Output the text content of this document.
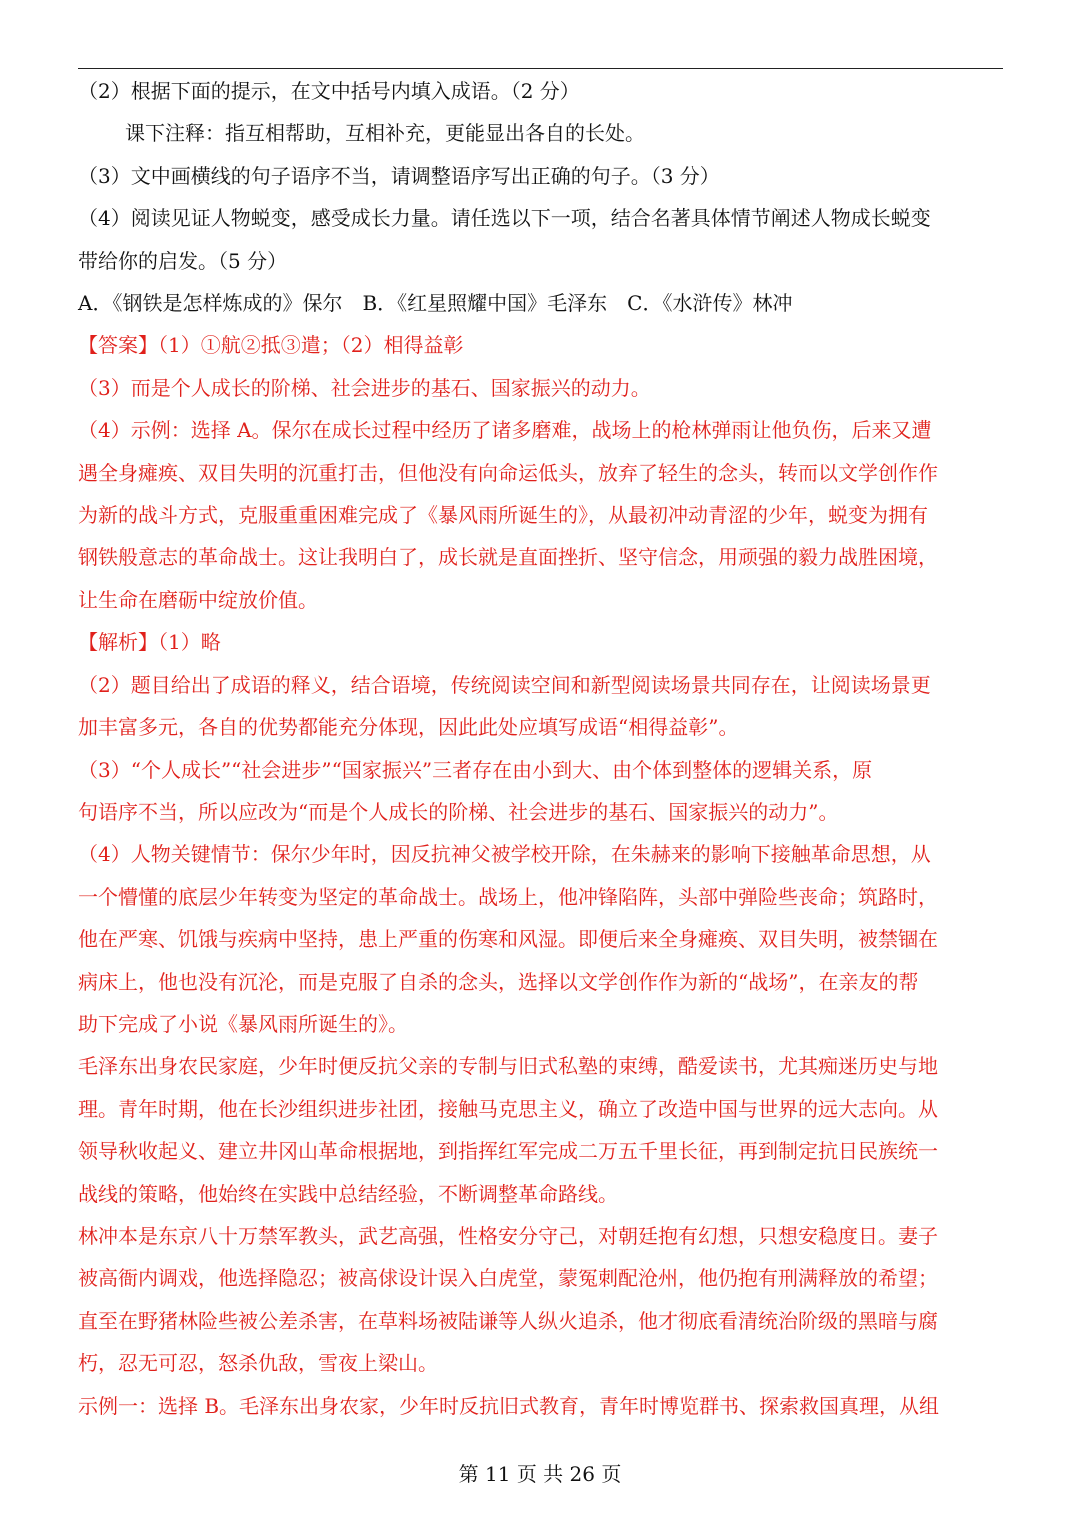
（2）根据下面的提示，在文中括号内填入成语。（2 分）

课下注释：指互相帮助，互相补充，更能显出各自的长处。

（3）文中画横线的句子语序不当，请调整语序写出正确的句子。（3 分）

（4）阅读见证人物蜕变，感受成长力量。请任选以下一项，结合名著具体情节阐述人物成长蜕变

带给你的启发。（5 分）

A．《钢铁是怎样炼成的》保尔　B．《红星照耀中国》毛泽东　C．《水浒传》林冲

【答案】（1）①航②抵③遣；（2）相得益彰

（3）而是个人成长的阶梯、社会进步的基石、国家振兴的动力。

（4）示例：选择 A。保尔在成长过程中经历了诸多磨难，战场上的枪林弹雨让他负伤，后来又遭

遇全身瘫痪、双目失明的沉重打击，但他没有向命运低头，放弃了轻生的念头，转而以文学创作作

为新的战斗方式，克服重重困难完成了《暴风雨所诞生的》，从最初冲动青涩的少年，蜕变为拥有

钢铁般意志的革命战士。这让我明白了，成长就是直面挫折、坚守信念，用顽强的毅力战胜困境，

让生命在磨砺中绽放价值。

【解析】（1）略

（2）题目给出了成语的释义，结合语境，传统阅读空间和新型阅读场景共同存在，让阅读场景更

加丰富多元，各自的优势都能充分体现，因此此处应填写成语“相得益彰”。

（3）“个人成长”“社会进步”“国家振兴”三者存在由小到大、由个体到整体的逻辑关系，原

句语序不当，所以应改为“而是个人成长的阶梯、社会进步的基石、国家振兴的动力”。

（4）人物关键情节：保尔少年时，因反抗神父被学校开除，在朱赫来的影响下接触革命思想，从

一个懵懂的底层少年转变为坚定的革命战士。战场上，他冲锋陷阵，头部中弹险些丧命；筑路时，

他在严寒、饥饿与疾病中坚持，患上严重的伤寒和风湿。即便后来全身瘫痪、双目失明，被禁锢在

病床上，他也没有沉沦，而是克服了自杀的念头，选择以文学创作作为新的“战场”，在亲友的帮

助下完成了小说《暴风雨所诞生的》。

毛泽东出身农民家庭，少年时便反抗父亲的专制与旧式私塾的束缚，酷爱读书，尤其痴迷历史与地

理。青年时期，他在长沙组织进步社团，接触马克思主义，确立了改造中国与世界的远大志向。从

领导秋收起义、建立井冈山革命根据地，到指挥红军完成二万五千里长征，再到制定抗日民族统一

战线的策略，他始终在实践中总结经验，不断调整革命路线。

林冲本是东京八十万禁军教头，武艺高强，性格安分守己，对朝廷抱有幻想，只想安稳度日。妻子

被高衙内调戏，他选择隐忍；被高俅设计误入白虎堂，蒙冤刺配沧州，他仍抱有刑满释放的希望；

直至在野猪林险些被公差杀害，在草料场被陆谦等人纵火追杀，他才彻底看清统治阶级的黑暗与腐

朽，忍无可忍，怒杀仇敌，雪夜上梁山。

示例一：选择 B。毛泽东出身农家，少年时反抗旧式教育，青年时博览群书、探索救国真理，从组

第 11 页 共 26 页
